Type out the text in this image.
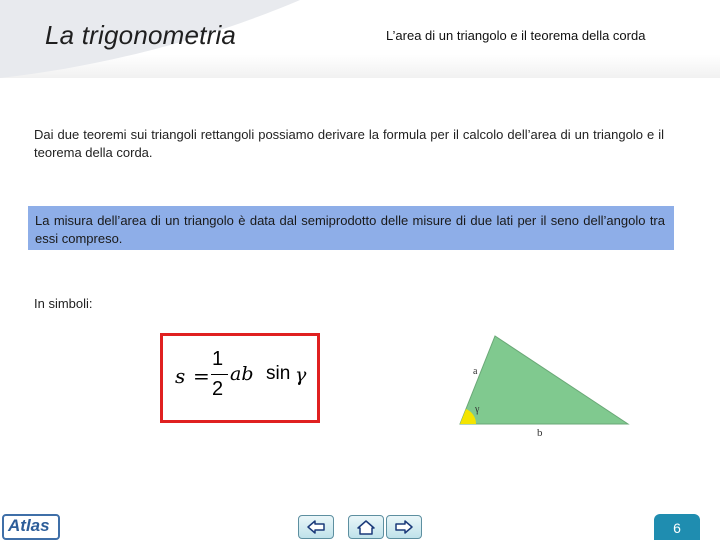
La trigonometria	L’area di un triangolo e il teorema della corda
Dai due teoremi sui triangoli rettangoli possiamo derivare la formula per il calcolo dell’area di un triangolo e il teorema della corda.
La misura dell’area di un triangolo è data dal semiprodotto delle misure di due lati per il seno dell’angolo tra essi compreso.
In simboli:
s =
1
2
ab sin γ	a
γ
b
Atlas	6
